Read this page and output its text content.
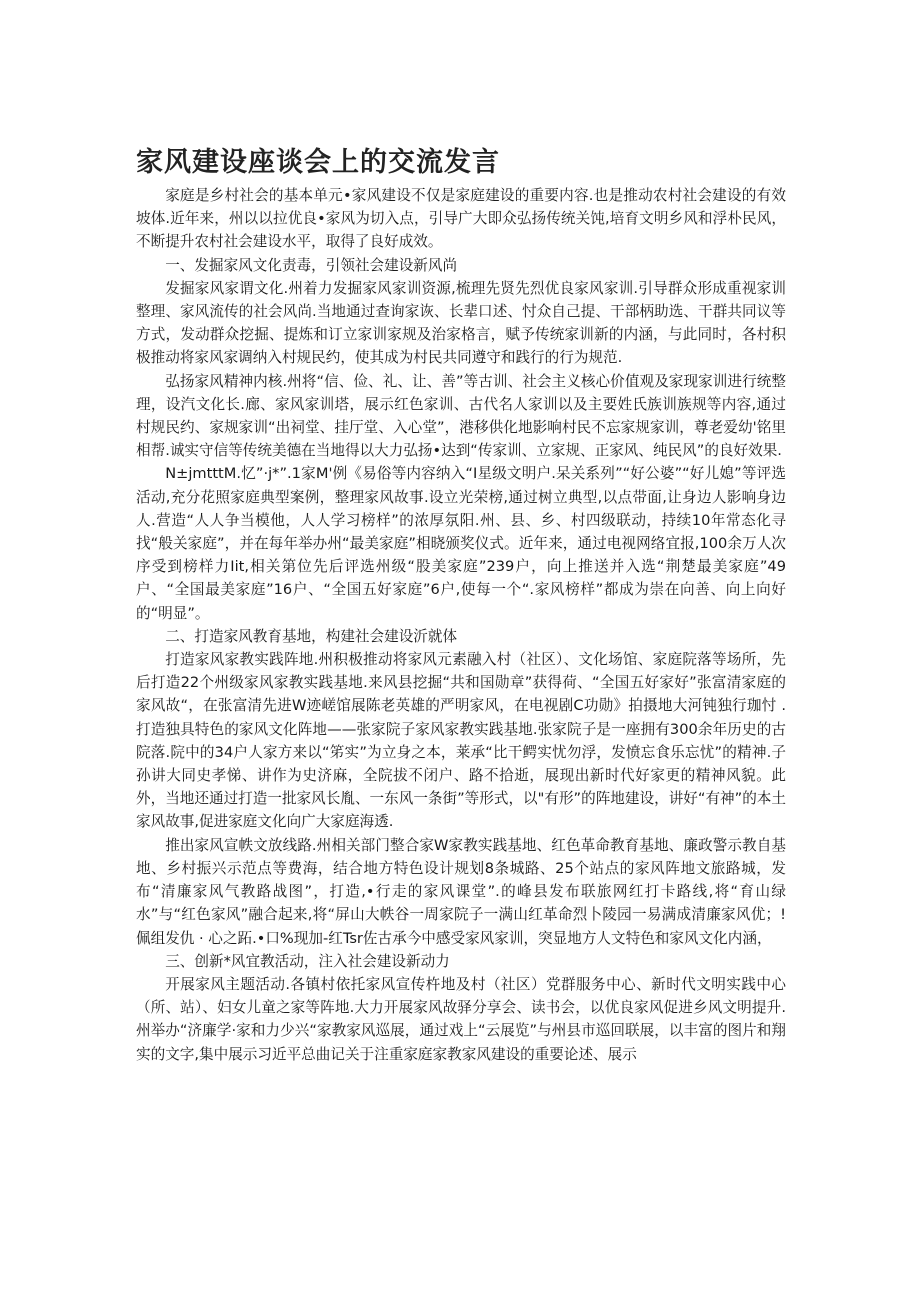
家风建设座谈会上的交流发言

家庭是乡村社会的基本单元•家风建设不仅是家庭建设的重要内容.也是推动农村社会建设的有效坡体.近年来，州以以拉优良•家风为切入点，引导广大即众弘扬传统关饨,培育文明乡风和浮朴民风，不断提升农村社会建设水平，取得了良好成效。

一、发掘家风文化责毒，引领社会建设新风尚

发掘家风家谓文化.州着力发掘家风家训资源,梳理先贤先烈优良家风家训.引导群众形成重视家训整理、家风流传的社会风尚.当地通过查询家诙、长辈口述、忖众自己提、干部柄助选、干群共同议等方式，发动群众挖掘、提炼和订立家训家规及治家格言，赋予传统家训新的内涵，与此同时，各村积极推动将家风家调纳入村规民约，使其成为村民共同遵守和践行的行为规范.

弘扬家风精神内核.州将“信、俭、礼、让、善”等古训、社会主义核心价值观及家现家训进行统整理，设汽文化长.廊、家风家训塔，展示红色家训、古代名人家训以及主要姓氏族训族规等内容,通过村规民约、家规家训“出祠堂、挂厅堂、入心堂”，港移供化地影响村民不忘家规家训，尊老爱幼'铭里相帮.诚实守信等传统美德在当地得以大力弘扬•达到“传家训、立家规、正家风、纯民风”的良好效果.

N±jmtttM.忆”·j*”.1家M'例《易俗等内容纳入“I星级文明户.呆关系列”“好公婆”“好儿媳”等评选活动,充分花照家庭典型案例，整理家风故事.设立光荣榜,通过树立典型,以点带面,让身边人影响身边人.营造“人人争当模他，人人学习榜样”的浓厚氛阳.州、县、乡、村四级联动，持续10年常态化寻找“般关家庭”，并在每年举办州“最美家庭”相晓颁奖仪式。近年来，通过电视网络宜报,100余万人次序受到榜样力Iit,相关第位先后评选州级“股美家庭”239户，向上推送并入选“荆楚最美家庭”49户、“全国最美家庭”16户、“全国五好家庭”6户,使每一个“.家风榜样”都成为崇在向善、向上向好的“明显”。

二、打造家风教育基地，构建社会建设沂就体

打造家风家教实践阵地.州积极推动将家风元素融入村（社区）、文化场馆、家庭院落等场所，先后打造22个州级家风家教实践基地.来风县挖掘“共和国勋章”获得荷、“全国五好家好”张富清家庭的家风故“，在张富清先进W迹嵯馆展陈老英雄的严明家风，在电视剧C功勋》拍摄地大河钝独行珈忖 .打造独具特色的家风文化阵地——张家院子家风家教实践基地.张家院子是一座拥有300余年历史的古院落.院中的34户人家方来以“笫实”为立身之本，莱承“比干鳄实忧勿浮，发愤忘食乐忘忧”的精神.子孙讲大同史孝悌、讲作为史济麻，全院拔不闭户、路不拾逝，展现出新时代好家更的精神风貌。此外，当地还通过打造一批家风长胤、一东风一条街”等形式，以"有形”的阵地建设，讲好“有神”的本土家风故事,促进家庭文化向广大家庭海透.

推出家风宣帙文放线路.州相关部门整合家W家教实践基地、红色革命教育基地、廉政警示教自基地、乡村振兴示范点等费海，结合地方特色设计规划8条城路、25个站点的家风阵地文旅路城，发布“清廉家风气教路战图”，打造,•行走的家风课堂”.的峰县发布联旅网红打卡路线,将“育山绿水”与“红色家风”融合起来,将“屏山大帙谷一周家院子一满山红革命烈卜陵园一易满成清廉家风优；!佩组发仇 · 心之跖.•口%现加-红Tsr佐古承今中感受家风家训，突显地方人文特色和家风文化内涵，

三、创新*风宜教活动，注入社会建设新动力

开展家风主题活动.各镇村依托家风宣传杵地及村（社区）党群服务中心、新时代文明实践中心（所、站）、妇女儿童之家等阵地.大力开展家风故驿分享会、读书会，以优良家风促进乡风文明提升.州举办“济廉学·家和力少兴“家教家风巡展，通过戏上“云展览”与州县市巡回联展，以丰富的图片和翔实的文字,集中展示习近平总曲记关于注重家庭家教家风建设的重要论述、展示
